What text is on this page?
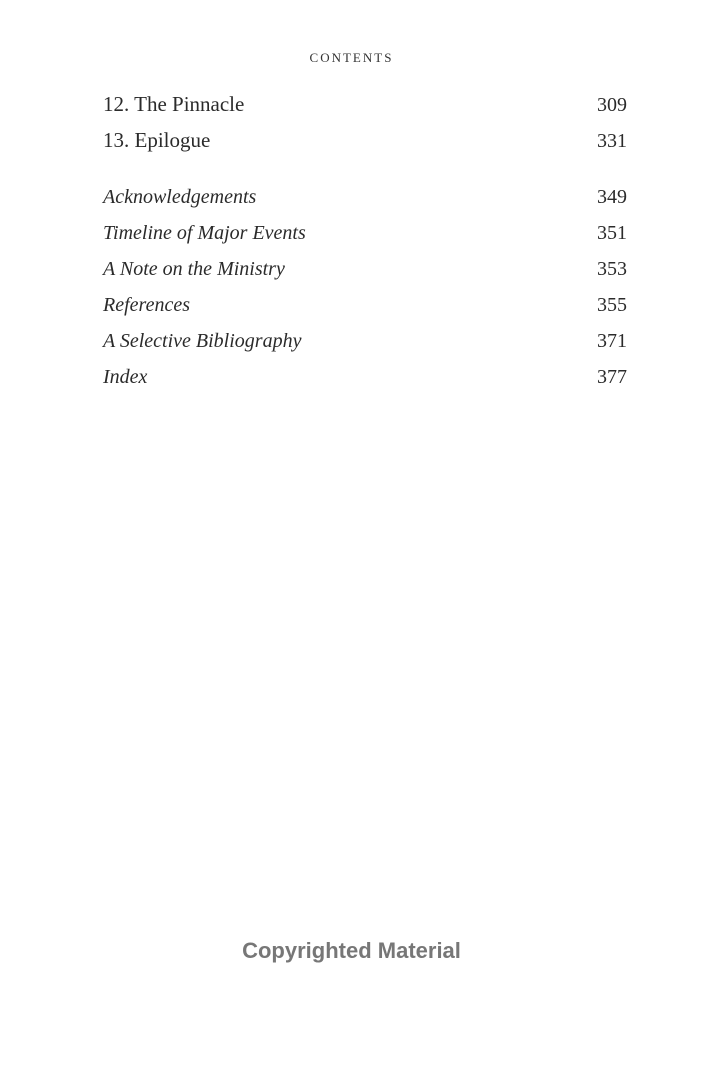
CONTENTS
12. The Pinnacle	309
13. Epilogue	331
Acknowledgements	349
Timeline of Major Events	351
A Note on the Ministry	353
References	355
A Selective Bibliography	371
Index	377
Copyrighted Material
